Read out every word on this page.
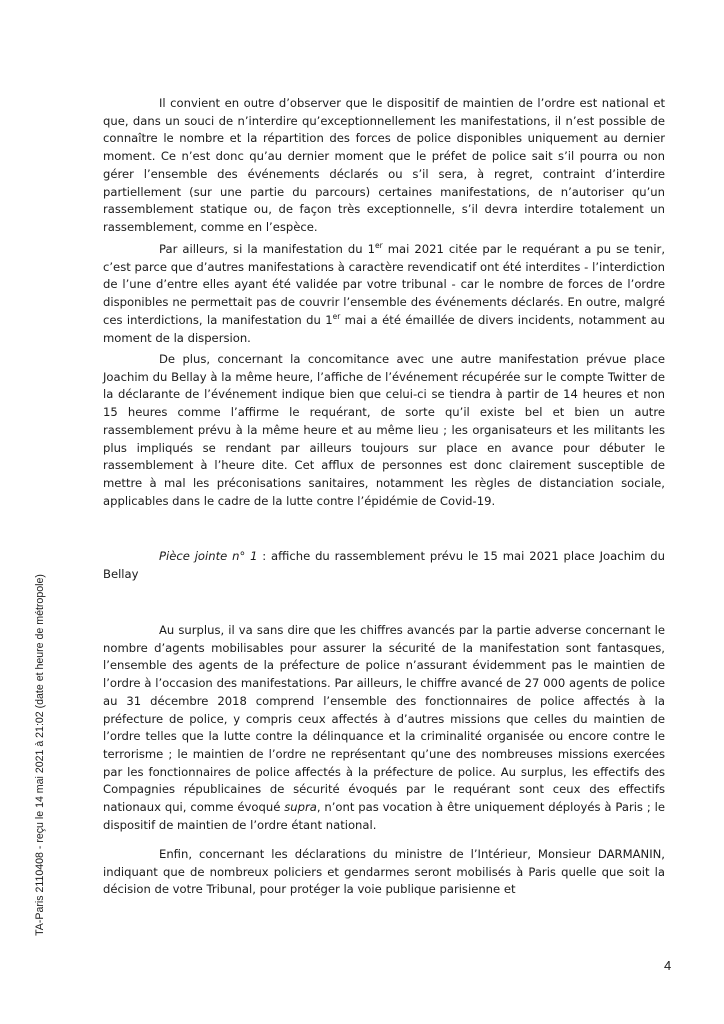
Il convient en outre d’observer que le dispositif de maintien de l’ordre est national et que, dans un souci de n’interdire qu’exceptionnellement les manifestations, il n’est possible de connaître le nombre et la répartition des forces de police disponibles uniquement au dernier moment. Ce n’est donc qu’au dernier moment que le préfet de police sait s’il pourra ou non gérer l’ensemble des événements déclarés ou s’il sera, à regret, contraint d’interdire partiellement (sur une partie du parcours) certaines manifestations, de n’autoriser qu’un rassemblement statique ou, de façon très exceptionnelle, s’il devra interdire totalement un rassemblement, comme en l’espèce.

Par ailleurs, si la manifestation du 1er mai 2021 citée par le requérant a pu se tenir, c’est parce que d’autres manifestations à caractère revendicatif ont été interdites - l’interdiction de l’une d’entre elles ayant été validée par votre tribunal - car le nombre de forces de l’ordre disponibles ne permettait pas de couvrir l’ensemble des événements déclarés. En outre, malgré ces interdictions, la manifestation du 1er mai a été émaillée de divers incidents, notamment au moment de la dispersion.

De plus, concernant la concomitance avec une autre manifestation prévue place Joachim du Bellay à la même heure, l’affiche de l’événement récupérée sur le compte Twitter de la déclarante de l’événement indique bien que celui-ci se tiendra à partir de 14 heures et non 15 heures comme l’affirme le requérant, de sorte qu’il existe bel et bien un autre rassemblement prévu à la même heure et au même lieu ; les organisateurs et les militants les plus impliqués se rendant par ailleurs toujours sur place en avance pour débuter le rassemblement à l’heure dite. Cet afflux de personnes est donc clairement susceptible de mettre à mal les préconisations sanitaires, notamment les règles de distanciation sociale, applicables dans le cadre de la lutte contre l’épidémie de Covid-19.

Pièce jointe n° 1 : affiche du rassemblement prévu le 15 mai 2021 place Joachim du Bellay

Au surplus, il va sans dire que les chiffres avancés par la partie adverse concernant le nombre d’agents mobilisables pour assurer la sécurité de la manifestation sont fantasques, l’ensemble des agents de la préfecture de police n’assurant évidemment pas le maintien de l’ordre à l’occasion des manifestations. Par ailleurs, le chiffre avancé de 27 000 agents de police au 31 décembre 2018 comprend l’ensemble des fonctionnaires de police affectés à la préfecture de police, y compris ceux affectés à d’autres missions que celles du maintien de l’ordre telles que la lutte contre la délinquance et la criminalité organisée ou encore contre le terrorisme ; le maintien de l’ordre ne représentant qu’une des nombreuses missions exercées par les fonctionnaires de police affectés à la préfecture de police. Au surplus, les effectifs des Compagnies républicaines de sécurité évoqués par le requérant sont ceux des effectifs nationaux qui, comme évoqué supra, n’ont pas vocation à être uniquement déployés à Paris ; le dispositif de maintien de l’ordre étant national.

Enfin, concernant les déclarations du ministre de l’Intérieur, Monsieur DARMANIN, indiquant que de nombreux policiers et gendarmes seront mobilisés à Paris quelle que soit la décision de votre Tribunal, pour protéger la voie publique parisienne et

TA-Paris 2110408 - reçu le 14 mai 2021 à 21:02 (date et heure de métropole)
4
